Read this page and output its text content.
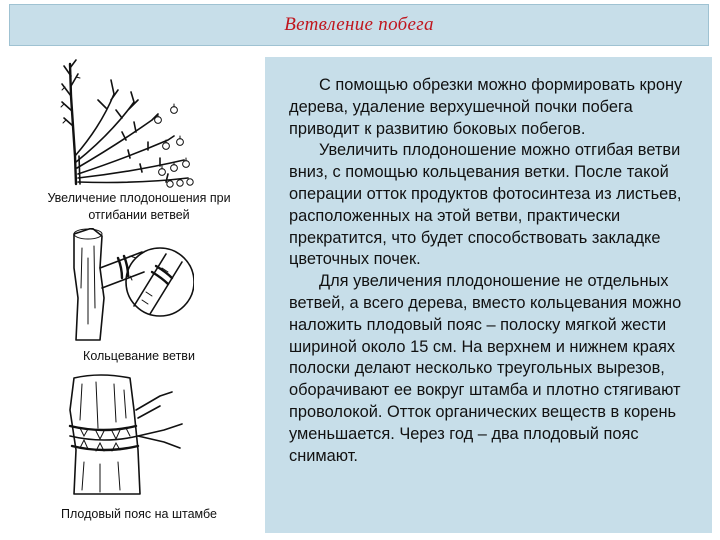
Ветвление побега
Увеличение плодоношения при отгибании ветвей
Кольцевание ветви
Плодовый пояс на штамбе

С помощью обрезки можно формировать крону дерева, удаление верхушечной почки побега приводит к развитию боковых побегов.

Увеличить плодоношение можно отгибая ветви вниз, с помощью кольцевания ветки. После такой операции отток продуктов фотосинтеза из листьев, расположенных на этой ветви, практически прекратится, что будет способствовать закладке цветочных почек.

Для увеличения плодоношение не отдельных ветвей, а всего дерева, вместо кольцевания можно наложить плодовый пояс – полоску мягкой жести шириной около 15 см. На верхнем и нижнем краях полоски делают несколько треугольных вырезов, оборачивают ее вокруг штамба и плотно стягивают проволокой. Отток органических веществ в корень уменьшается. Через год – два плодовый пояс снимают.
